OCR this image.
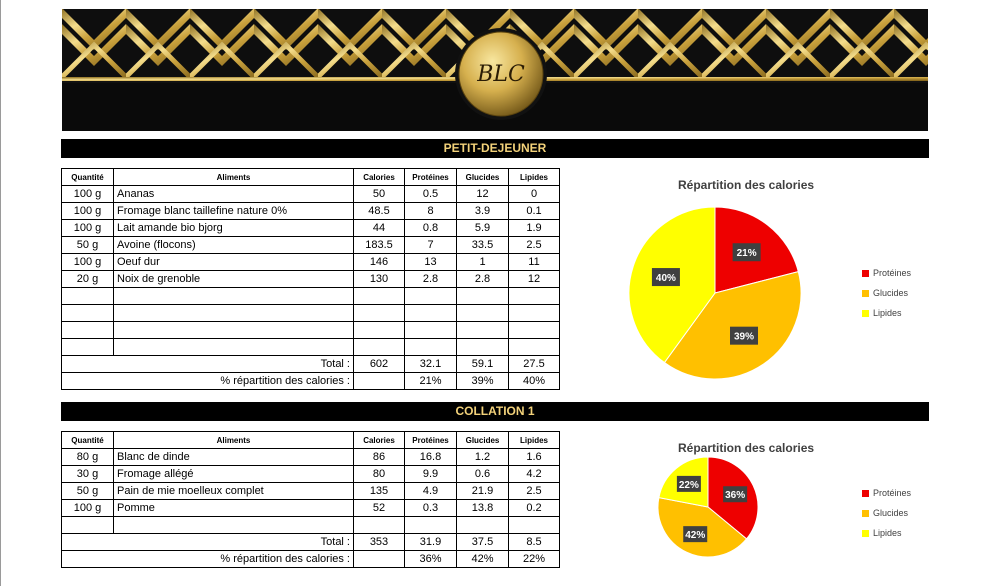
BLC
PETIT-DEJEUNER
Quantité	Aliments	Calories	Protéines	Glucides	Lipides
100 g	Ananas	50	0.5	12	0
100 g	Fromage blanc taillefine nature 0%	48.5	8	3.9	0.1
100 g	Lait amande bio bjorg	44	0.8	5.9	1.9
50 g	Avoine (flocons)	183.5	7	33.5	2.5
100 g	Oeuf dur	146	13	1	11
20 g	Noix de grenoble	130	2.8	2.8	12

Total :		602	32.1	59.1	27.5
% répartition des calories :			21%	39%	40%
Répartition des calories
21%
39%
40%
Protéines
Glucides
Lipides
COLLATION 1
Quantité	Aliments	Calories	Protéines	Glucides	Lipides
80 g	Blanc de dinde	86	16.8	1.2	1.6
30 g	Fromage allégé	80	9.9	0.6	4.2
50 g	Pain de mie moelleux complet	135	4.9	21.9	2.5
100 g	Pomme	52	0.3	13.8	0.2

Total :		353	31.9	37.5	8.5
% répartition des calories :			36%	42%	22%
Répartition des calories
36%
42%
22%
Protéines
Glucides
Lipides
